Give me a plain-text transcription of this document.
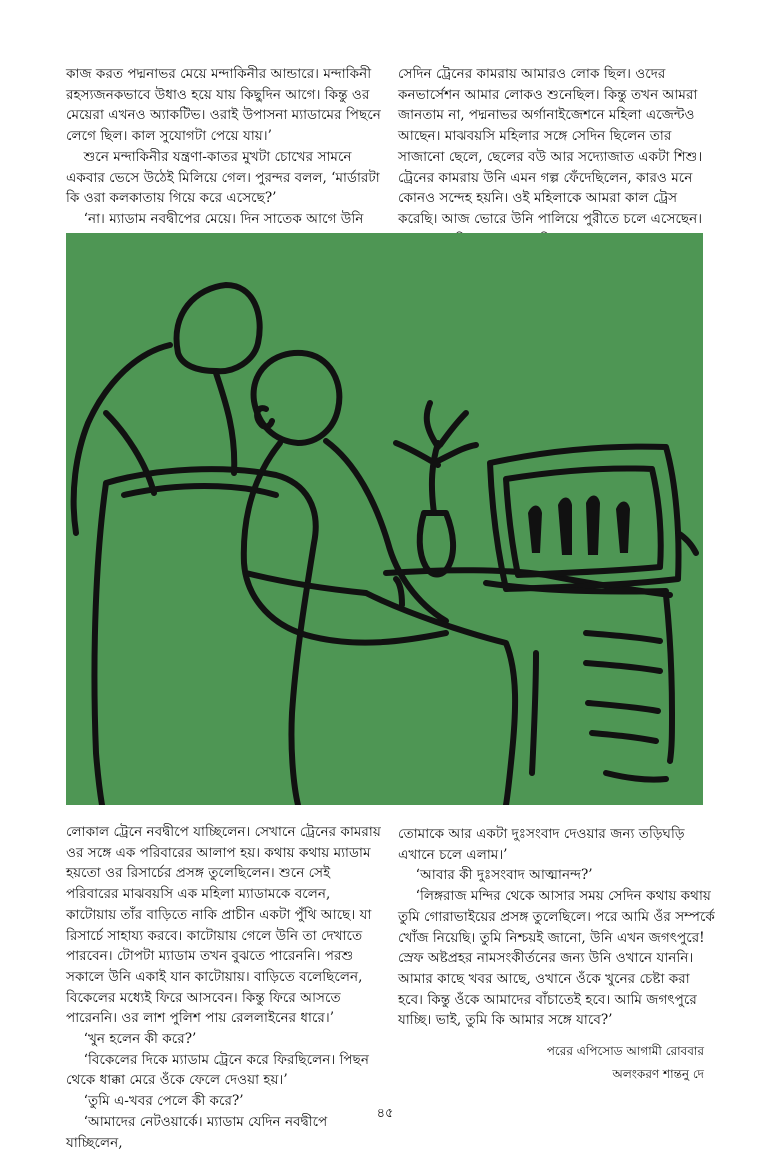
কাজ করত পদ্মনাভর মেয়ে মন্দাকিনীর আন্ডারে। মন্দাকিনী রহস্যজনকভাবে উধাও হয়ে যায় কিছুদিন আগে। কিন্তু ওর মেয়েরা এখনও অ্যাকটিভ। ওরাই উপাসনা ম্যাডামের পিছনে লেগে ছিল। কাল সুযোগটা পেয়ে যায়।’

শুনে মন্দাকিনীর যন্ত্রণা-কাতর মুখটা চোখের সামনে একবার ভেসে উঠেই মিলিয়ে গেল। পুরন্দর বলল, ‘মার্ডারটা কি ওরা কলকাতায় গিয়ে করে এসেছে?’

‘না। ম্যাডাম নবদ্বীপের মেয়ে। দিন সাতেক আগে উনি

সেদিন ট্রেনের কামরায় আমারও লোক ছিল। ওদের কনভার্সেশন আমার লোকও শুনেছিল। কিন্তু তখন আমরা জানতাম না, পদ্মনাভর অর্গানাইজেশনে মহিলা এজেন্টও আছেন। মাঝবয়সি মহিলার সঙ্গে সেদিন ছিলেন তার সাজানো ছেলে, ছেলের বউ আর সদ্যোজাত একটা শিশু। ট্রেনের কামরায় উনি এমন গল্প ফেঁদেছিলেন, কারও মনে কোনও সন্দেহ হয়নি। ওই মহিলাকে আমরা কাল ট্রেস করেছি। আজ ভোরে উনি পালিয়ে পুরীতে চলে এসেছেন।

লোকাল ট্রেনে নবদ্বীপে যাচ্ছিলেন। সেখানে ট্রেনের কামরায় ওর সঙ্গে এক পরিবারের আলাপ হয়। কথায় কথায় ম্যাডাম হয়তো ওর রিসার্চের প্রসঙ্গ তুলেছিলেন। শুনে সেই পরিবারের মাঝবয়সি এক মহিলা ম্যাডামকে বলেন, কাটোয়ায় তাঁর বাড়িতে নাকি প্রাচীন একটা পুঁথি আছে। যা রিসার্চে সাহায্য করবে। কাটোয়ায় গেলে উনি তা দেখাতে পারবেন। টোপটা ম্যাডাম তখন বুঝতে পারেননি। পরশু সকালে উনি একাই যান কাটোয়ায়। বাড়িতে বলেছিলেন, বিকেলের মধ্যেই ফিরে আসবেন। কিন্তু ফিরে আসতে পারেননি। ওর লাশ পুলিশ পায় রেললাইনের ধারে।’

‘খুন হলেন কী করে?’

‘বিকেলের দিকে ম্যাডাম ট্রেনে করে ফিরছিলেন। পিছন থেকে ধাক্কা মেরে ওঁকে ফেলে দেওয়া হয়।’

‘তুমি এ-খবর পেলে কী করে?’

‘আমাদের নেটওয়ার্কে। ম্যাডাম যেদিন নবদ্বীপে যাচ্ছিলেন,

তোমাকে আর একটা দুঃসংবাদ দেওয়ার জন্য তড়িঘড়ি এখানে চলে এলাম।’

‘আবার কী দুঃসংবাদ আত্মানন্দ?’

‘লিঙ্গরাজ মন্দির থেকে আসার সময় সেদিন কথায় কথায় তুমি গোরাভাইয়ের প্রসঙ্গ তুলেছিলে। পরে আমি ওঁর সম্পর্কে খোঁজ নিয়েছি। তুমি নিশ্চয়ই জানো, উনি এখন জগৎপুরে! স্রেফ অষ্টপ্রহর নামসংকীর্তনের জন্য উনি ওখানে যাননি। আমার কাছে খবর আছে, ওখানে ওঁকে খুনের চেষ্টা করা হবে। কিন্তু ওঁকে আমাদের বাঁচাতেই হবে। আমি জগৎপুরে যাচ্ছি। ভাই, তুমি কি আমার সঙ্গে যাবে?’

পরের এপিসোড আগামী রোববার
অলংকরণ শান্তনু দে
৪৫
